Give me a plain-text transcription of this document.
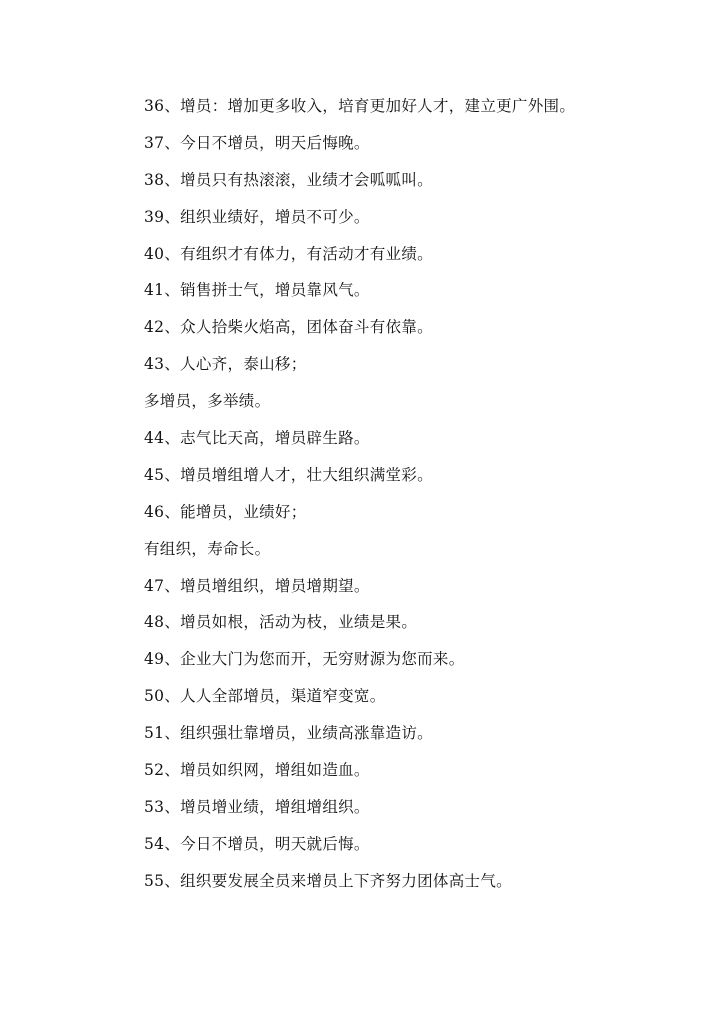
36、增员：增加更多收入，培育更加好人才，建立更广外围。
37、今日不增员，明天后悔晚。
38、增员只有热滚滚，业绩才会呱呱叫。
39、组织业绩好，增员不可少。
40、有组织才有体力，有活动才有业绩。
41、销售拼士气，增员靠风气。
42、众人拾柴火焰高，团体奋斗有依靠。
43、人心齐，泰山移；
多增员，多举绩。
44、志气比天高，增员辟生路。
45、增员增组增人才，壮大组织满堂彩。
46、能增员，业绩好；
有组织，寿命长。
47、增员增组织，增员增期望。
48、增员如根，活动为枝，业绩是果。
49、企业大门为您而开，无穷财源为您而来。
50、人人全部增员，渠道窄变宽。
51、组织强壮靠增员，业绩高涨靠造访。
52、增员如织网，增组如造血。
53、增员增业绩，增组增组织。
54、今日不增员，明天就后悔。
55、组织要发展全员来增员上下齐努力团体高士气。
